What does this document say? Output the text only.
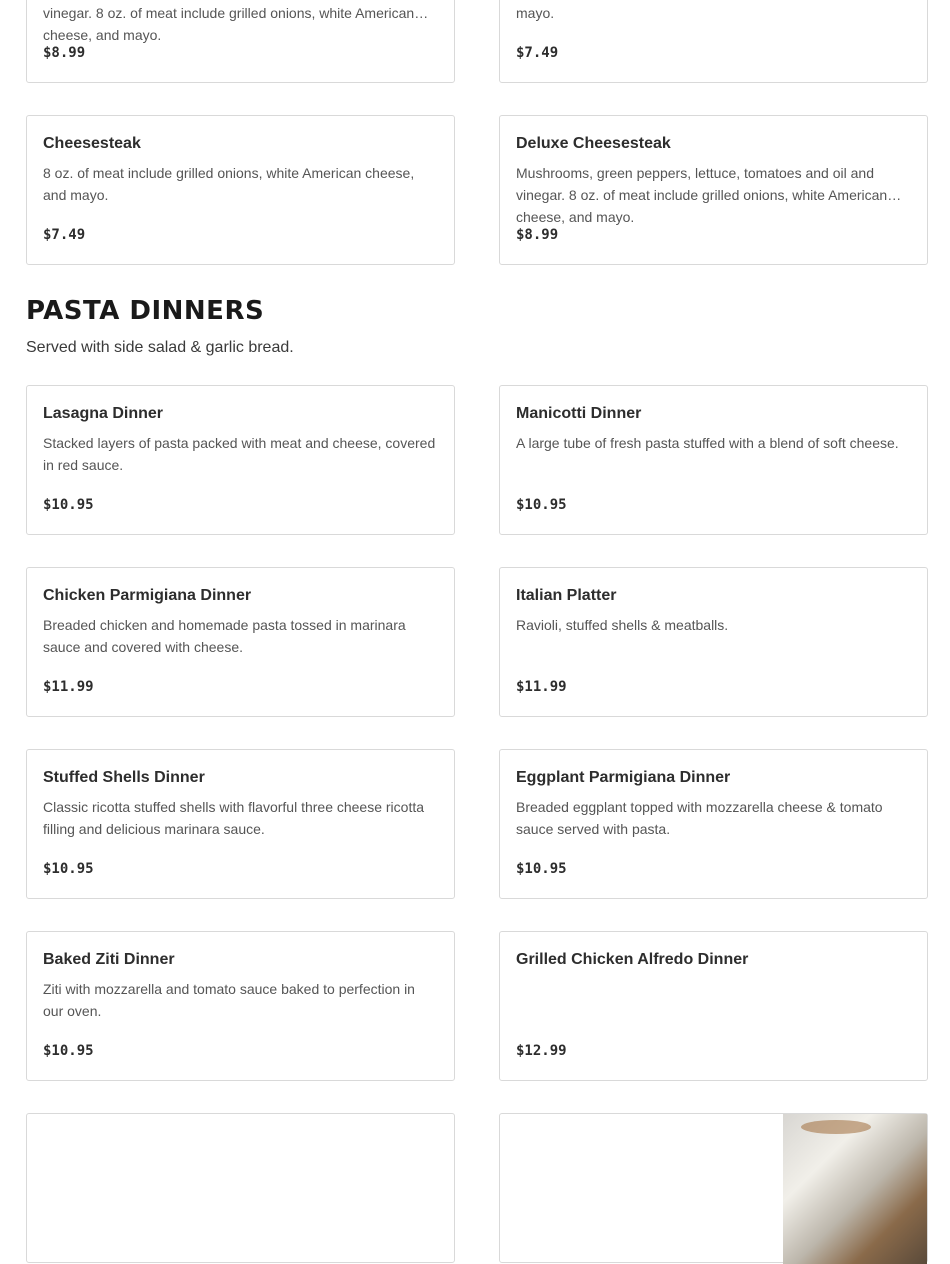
vinegar. 8 oz. of meat include grilled onions, white American cheese, and mayo.
$8.99
mayo.
$7.49
Cheesesteak
8 oz. of meat include grilled onions, white American cheese, and mayo.
$7.49
Deluxe Cheesesteak
Mushrooms, green peppers, lettuce, tomatoes and oil and vinegar. 8 oz. of meat include grilled onions, white American cheese, and mayo.
$8.99
PASTA DINNERS
Served with side salad & garlic bread.
Lasagna Dinner
Stacked layers of pasta packed with meat and cheese, covered in red sauce.
$10.95
Manicotti Dinner
A large tube of fresh pasta stuffed with a blend of soft cheese.
$10.95
Chicken Parmigiana Dinner
Breaded chicken and homemade pasta tossed in marinara sauce and covered with cheese.
$11.99
Italian Platter
Ravioli, stuffed shells & meatballs.
$11.99
Stuffed Shells Dinner
Classic ricotta stuffed shells with flavorful three cheese ricotta filling and delicious marinara sauce.
$10.95
Eggplant Parmigiana Dinner
Breaded eggplant topped with mozzarella cheese & tomato sauce served with pasta.
$10.95
Baked Ziti Dinner
Ziti with mozzarella and tomato sauce baked to perfection in our oven.
$10.95
Grilled Chicken Alfredo Dinner
$12.99
